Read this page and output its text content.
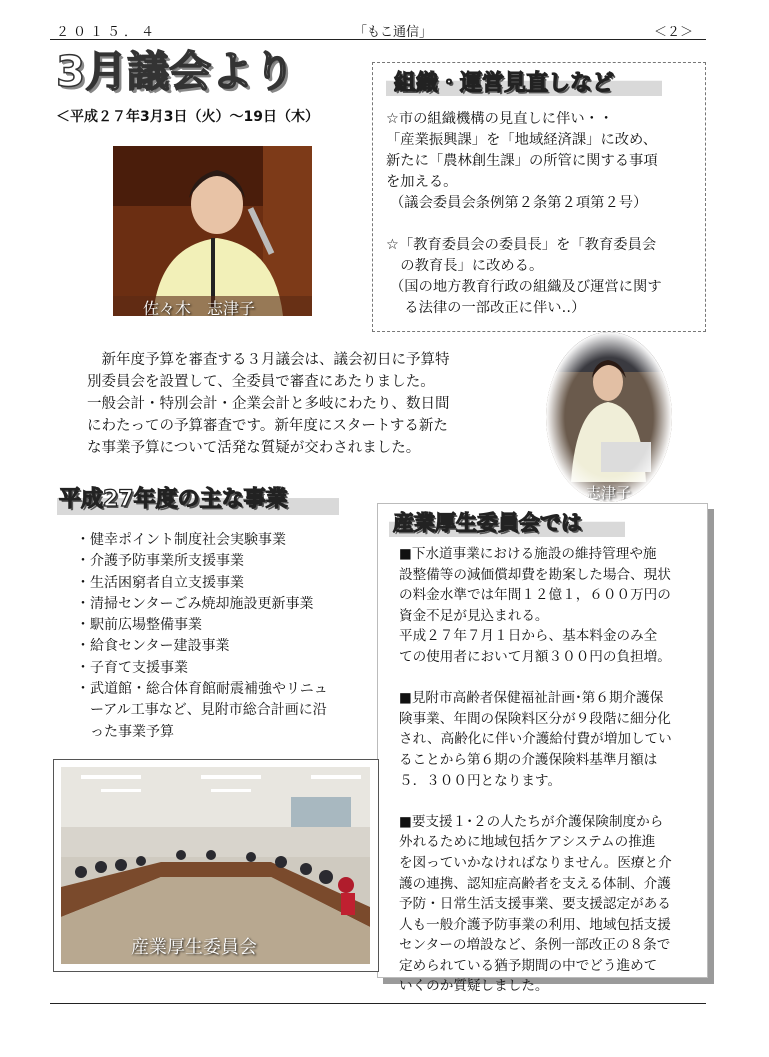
２０１５．４	「もこ通信」	＜２＞
3月議会より
＜平成２７年3月3日（火）～19日（木）
佐々木　志津子
組織・運営見直しなど
☆市の組織機構の見直しに伴い・・
「産業振興課」を「地域経済課」に改め、
新たに「農林創生課」の所管に関する事項
を加える。
（議会委員会条例第２条第２項第２号）
☆「教育委員会の委員長」を「教育委員会
　の教育長」に改める。
（国の地方教育行政の組織及び運営に関す
　る法律の一部改正に伴い‥）
　新年度予算を審査する３月議会は、議会初日に予算特
別委員会を設置して、全委員で審査にあたりました。
一般会計・特別会計・企業会計と多岐にわたり、数日間
にわたっての予算審査です。新年度にスタートする新た
な事業予算について活発な質疑が交わされました。
志津子
平成27年度の主な事業
・健幸ポイント制度社会実験事業
・介護予防事業所支援事業
・生活困窮者自立支援事業
・清掃センターごみ焼却施設更新事業
・駅前広場整備事業
・給食センター建設事業
・子育て支援事業
・武道館・総合体育館耐震補強やリニュ
　ーアル工事など、見附市総合計画に沿
　った事業予算
産業厚生委員会では
■下水道事業における施設の維持管理や施
設整備等の減価償却費を勘案した場合、現状
の料金水準では年間１２億１，６００万円の
資金不足が見込まれる。
平成２７年７月１日から、基本料金のみ全
ての使用者において月額３００円の負担増。
■見附市高齢者保健福祉計画･第６期介護保
険事業、年間の保険料区分が９段階に細分化
され、高齢化に伴い介護給付費が増加してい
ることから第６期の介護保険料基準月額は
５．３００円となります。
■要支援１･２の人たちが介護保険制度から
外れるために地域包括ケアシステムの推進
を図っていかなければなりません。医療と介
護の連携、認知症高齢者を支える体制、介護
予防・日常生活支援事業、要支援認定がある
人も一般介護予防事業の利用、地域包括支援
センターの増設など、条例一部改正の８条で
定められている猶予期間の中でどう進めて
いくのか質疑しました。
産業厚生委員会
